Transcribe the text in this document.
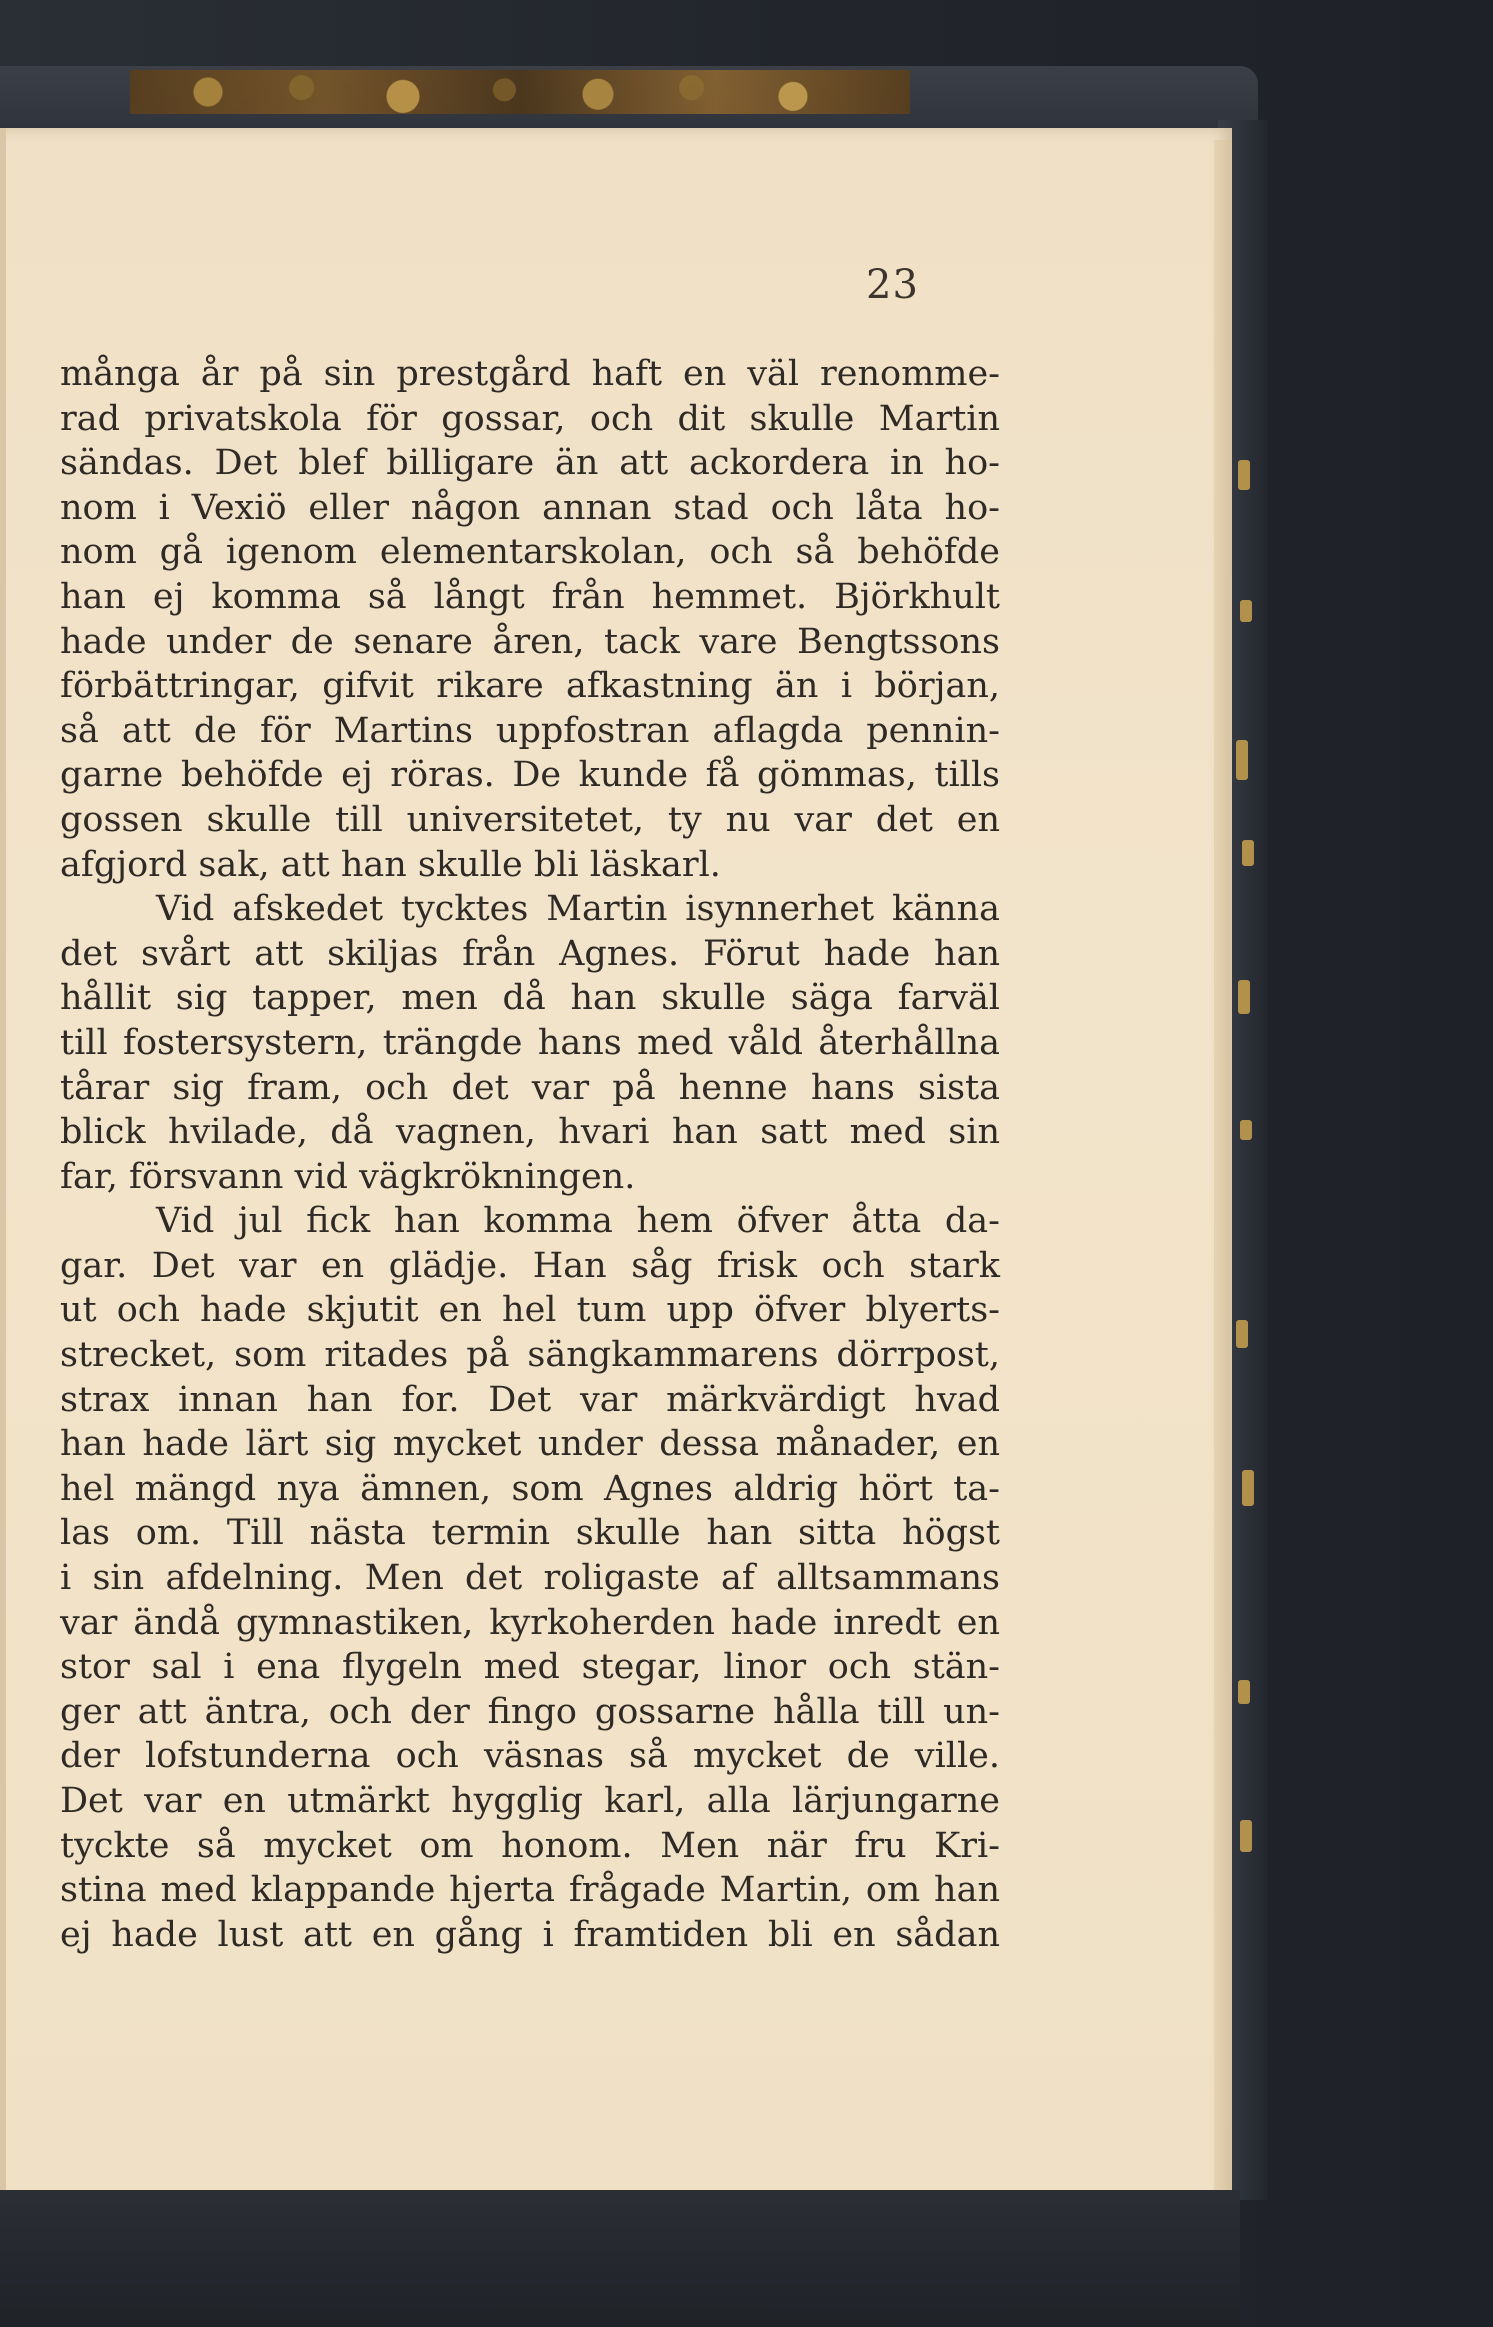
23
många år på sin prestgård haft en väl renomme-
rad privatskola för gossar, och dit skulle Martin
sändas. Det blef billigare än att ackordera in ho-
nom i Vexiö eller någon annan stad och låta ho-
nom gå igenom elementarskolan, och så behöfde
han ej komma så långt från hemmet. Björkhult
hade under de senare åren, tack vare Bengtssons
förbättringar, gifvit rikare afkastning än i början,
så att de för Martins uppfostran aflagda pennin-
garne behöfde ej röras. De kunde få gömmas, tills
gossen skulle till universitetet, ty nu var det en
afgjord sak, att han skulle bli läskarl.
Vid afskedet tycktes Martin isynnerhet känna
det svårt att skiljas från Agnes. Förut hade han
hållit sig tapper, men då han skulle säga farväl
till fostersystern, trängde hans med våld återhållna
tårar sig fram, och det var på henne hans sista
blick hvilade, då vagnen, hvari han satt med sin
far, försvann vid vägkrökningen.
Vid jul fick han komma hem öfver åtta da-
gar. Det var en glädje. Han såg frisk och stark
ut och hade skjutit en hel tum upp öfver blyerts-
strecket, som ritades på sängkammarens dörrpost,
strax innan han for. Det var märkvärdigt hvad
han hade lärt sig mycket under dessa månader, en
hel mängd nya ämnen, som Agnes aldrig hört ta-
las om. Till nästa termin skulle han sitta högst
i sin afdelning. Men det roligaste af alltsammans
var ändå gymnastiken, kyrkoherden hade inredt en
stor sal i ena flygeln med stegar, linor och stän-
ger att äntra, och der fingo gossarne hålla till un-
der lofstunderna och väsnas så mycket de ville.
Det var en utmärkt hygglig karl, alla lärjungarne
tyckte så mycket om honom. Men när fru Kri-
stina med klappande hjerta frågade Martin, om han
ej hade lust att en gång i framtiden bli en sådan
